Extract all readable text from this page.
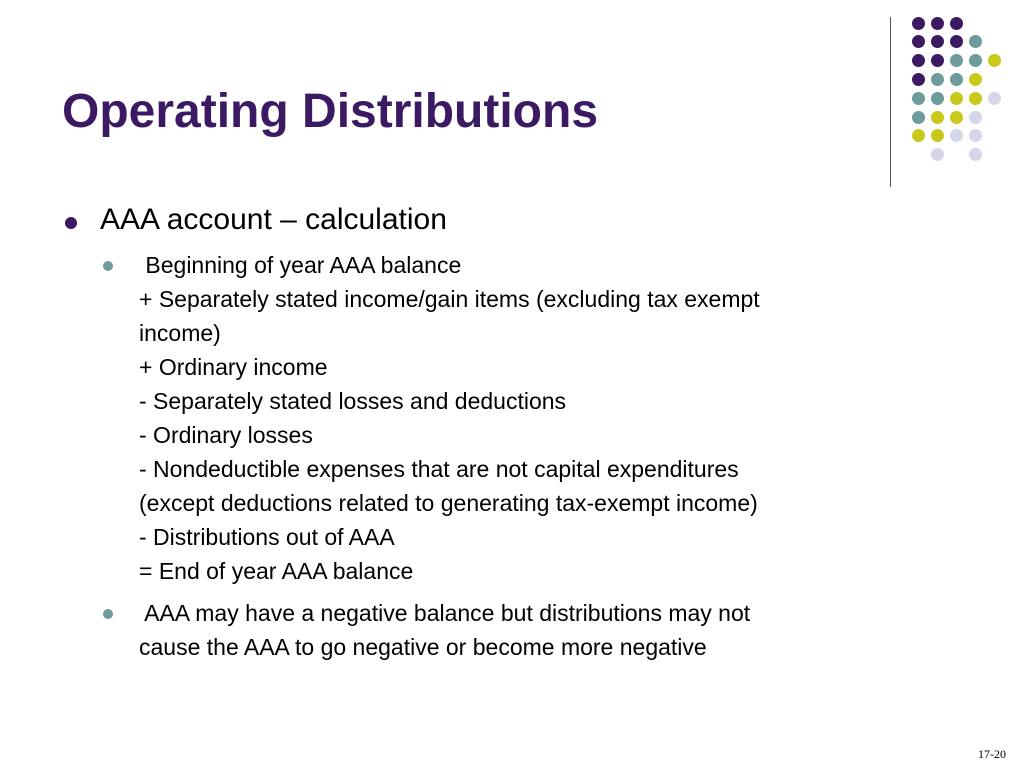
Operating Distributions
AAA account – calculation
Beginning of year AAA balance
+ Separately stated income/gain items (excluding tax exempt
income)
+ Ordinary income
- Separately stated losses and deductions
- Ordinary losses
- Nondeductible expenses that are not capital expenditures
(except deductions related to generating tax-exempt income)
- Distributions out of AAA
= End of year AAA balance
AAA may have a negative balance but distributions may not
cause the AAA to go negative or become more negative
17-20
